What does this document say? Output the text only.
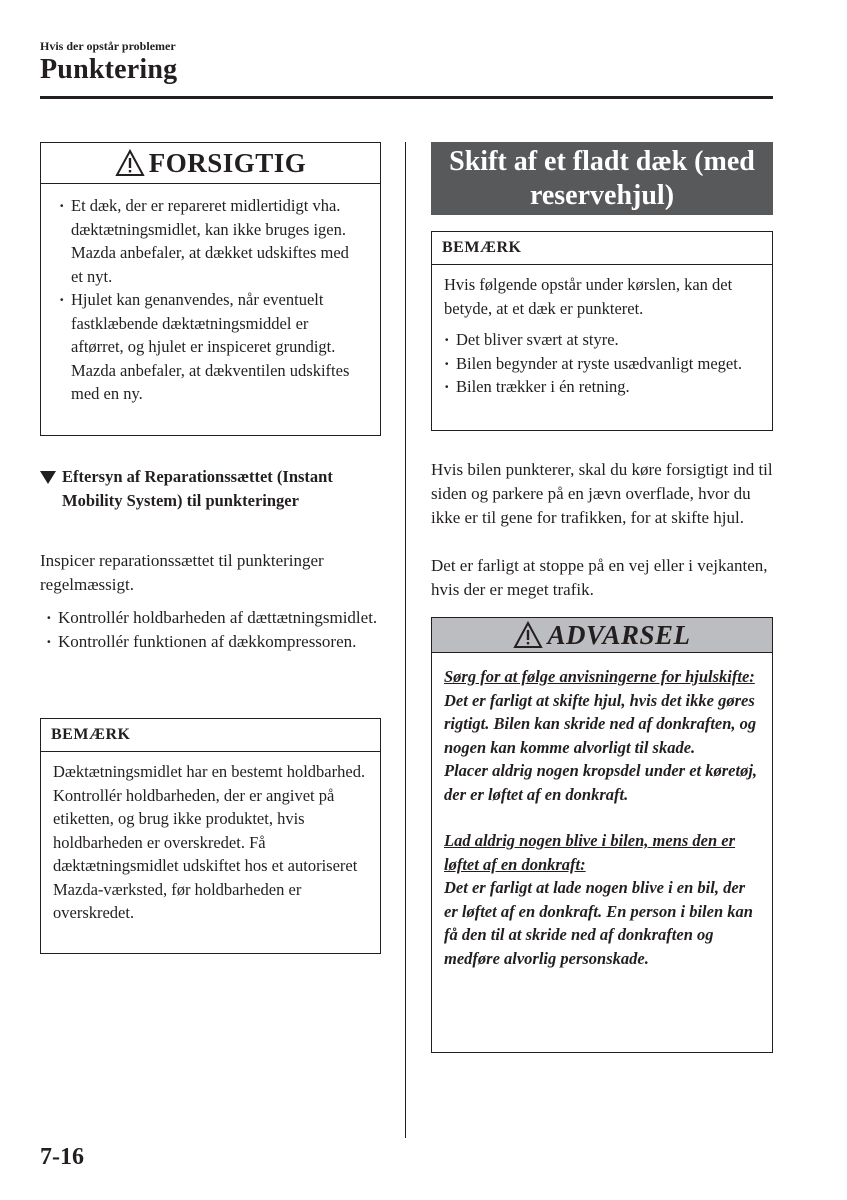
Hvis der opstår problemer
Punktering
FORSIGTIG
· Et dæk, der er repareret midlertidigt vha. dæktætningsmidlet, kan ikke bruges igen. Mazda anbefaler, at dækket udskiftes med et nyt.
· Hjulet kan genanvendes, når eventuelt fastklæbende dæktætningsmiddel er aftørret, og hjulet er inspiceret grundigt. Mazda anbefaler, at dækventilen udskiftes med en ny.
Eftersyn af Reparationssættet (Instant Mobility System) til punkteringer
Inspicer reparationssættet til punkteringer regelmæssigt.
· Kontrollér holdbarheden af dættætningsmidlet.
· Kontrollér funktionen af dækkompressoren.
BEMÆRK
Dæktætningsmidlet har en bestemt holdbarhed. Kontrollér holdbarheden, der er angivet på etiketten, og brug ikke produktet, hvis holdbarheden er overskredet. Få dæktætningsmidlet udskiftet hos et autoriseret Mazda-værksted, før holdbarheden er overskredet.
Skift af et fladt dæk (med reservehjul)
BEMÆRK
Hvis følgende opstår under kørslen, kan det betyde, at et dæk er punkteret.
· Det bliver svært at styre.
· Bilen begynder at ryste usædvanligt meget.
· Bilen trækker i én retning.
Hvis bilen punkterer, skal du køre forsigtigt ind til siden og parkere på en jævn overflade, hvor du ikke er til gene for trafikken, for at skifte hjul.
Det er farligt at stoppe på en vej eller i vejkanten, hvis der er meget trafik.
ADVARSEL
Sørg for at følge anvisningerne for hjulskifte:
Det er farligt at skifte hjul, hvis det ikke gøres rigtigt. Bilen kan skride ned af donkraften, og nogen kan komme alvorligt til skade.
Placer aldrig nogen kropsdel under et køretøj, der er løftet af en donkraft.
Lad aldrig nogen blive i bilen, mens den er løftet af en donkraft:
Det er farligt at lade nogen blive i en bil, der er løftet af en donkraft. En person i bilen kan få den til at skride ned af donkraften og medføre alvorlig personskade.
7-16
